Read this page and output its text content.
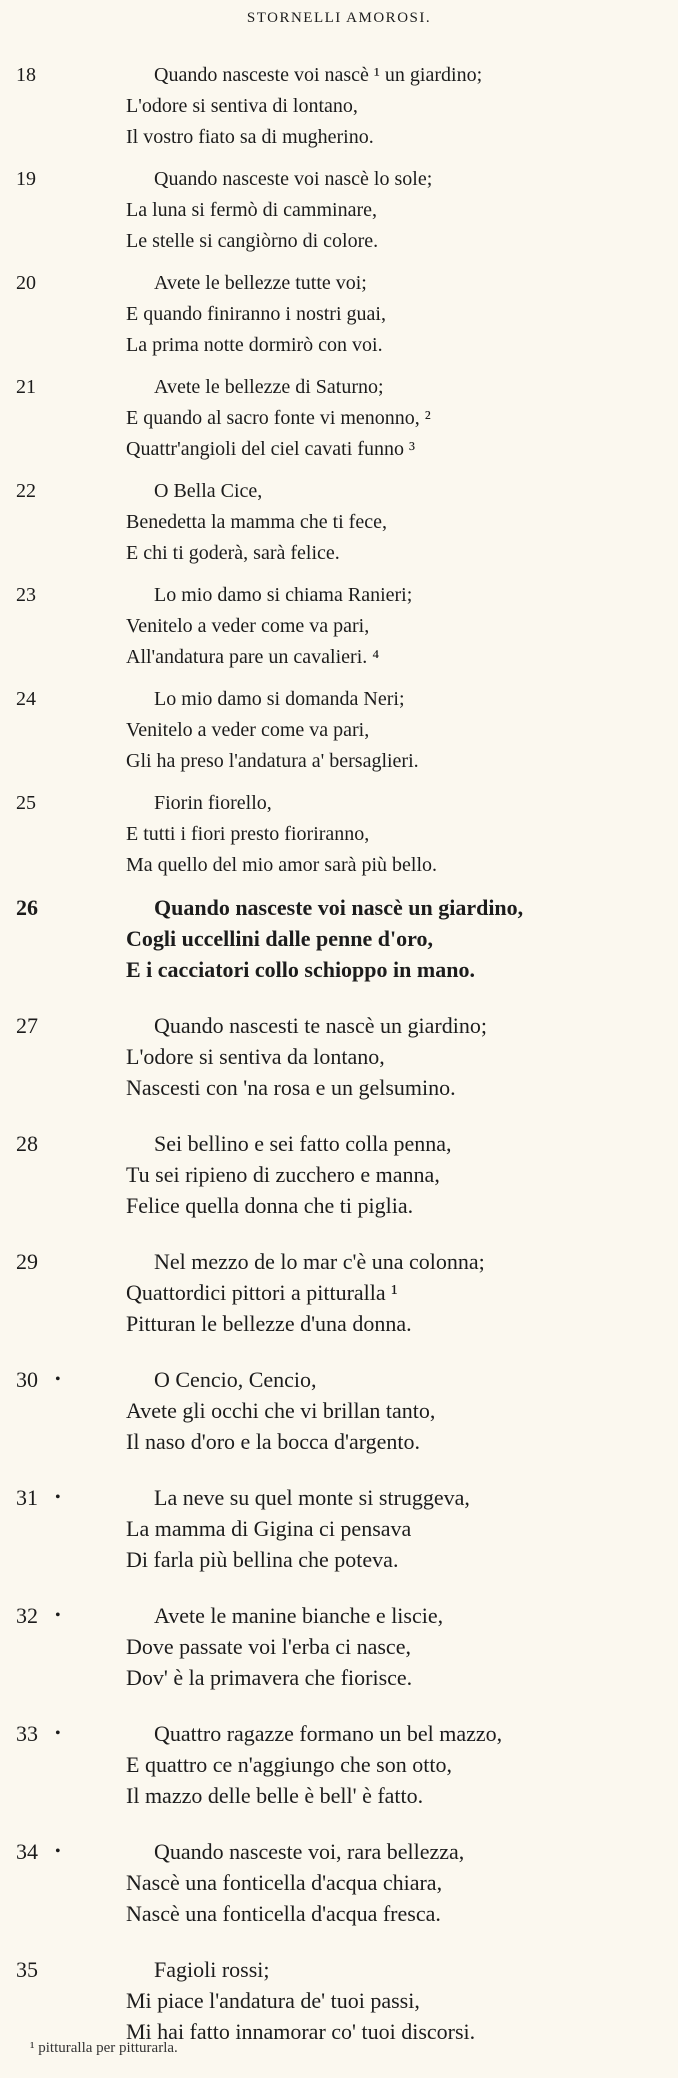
STORNELLI AMOROSI.
18	Quando nasceste voi nascè ¹ un giardino;
L'odore si sentiva di lontano,
Il vostro fiato sa di mugherino.
19	Quando nasceste voi nascè lo sole;
La luna si fermò di camminare,
Le stelle si cangiòrno di colore.
20	Avete le bellezze tutte voi;
E quando finiranno i nostri guai,
La prima notte dormirò con voi.
21	Avete le bellezze di Saturno;
E quando al sacro fonte vi menonno, ²
Quattr'angioli del ciel cavati funno ³
22	O Bella Cice,
Benedetta la mamma che ti fece,
E chi ti goderà, sarà felice.
23	Lo mio damo si chiama Ranieri;
Venitelo a veder come va pari,
All'andatura pare un cavalieri. ⁴
24	Lo mio damo si domanda Neri;
Venitelo a veder come va pari,
Gli ha preso l'andatura a' bersaglieri.
25	Fiorin fiorello,
E tutti i fiori presto fioriranno,
Ma quello del mio amor sarà più bello.
26	Quando nasceste voi nascè un giardino,
Cogli uccellini dalle penne d'oro,
E i cacciatori collo schioppo in mano.
27	Quando nascesti te nascè un giardino;
L'odore si sentiva da lontano,
Nascesti con 'na rosa e un gelsumino.
28	Sei bellino e sei fatto colla penna,
Tu sei ripieno di zucchero e manna,
Felice quella donna che ti piglia.
29	Nel mezzo de lo mar c'è una colonna;
Quattordici pittori a pitturalla ¹
Pitturan le bellezze d'una donna.
30 •	O Cencio, Cencio,
Avete gli occhi che vi brillan tanto,
Il naso d'oro e la bocca d'argento.
31 •	La neve su quel monte si struggeva,
La mamma di Gigina ci pensava
Di farla più bellina che poteva.
32 •	Avete le manine bianche e liscie,
Dove passate voi l'erba ci nasce,
Dov' è la primavera che fiorisce.
33 •	Quattro ragazze formano un bel mazzo,
E quattro ce n'aggiungo che son otto,
Il mazzo delle belle è bell' è fatto.
34 •	Quando nasceste voi, rara bellezza,
Nascè una fonticella d'acqua chiara,
Nascè una fonticella d'acqua fresca.
35	Fagioli rossi;
Mi piace l'andatura de' tuoi passi,
Mi hai fatto innamorar co' tuoi discorsi.
¹ pitturalla per pitturarla.
